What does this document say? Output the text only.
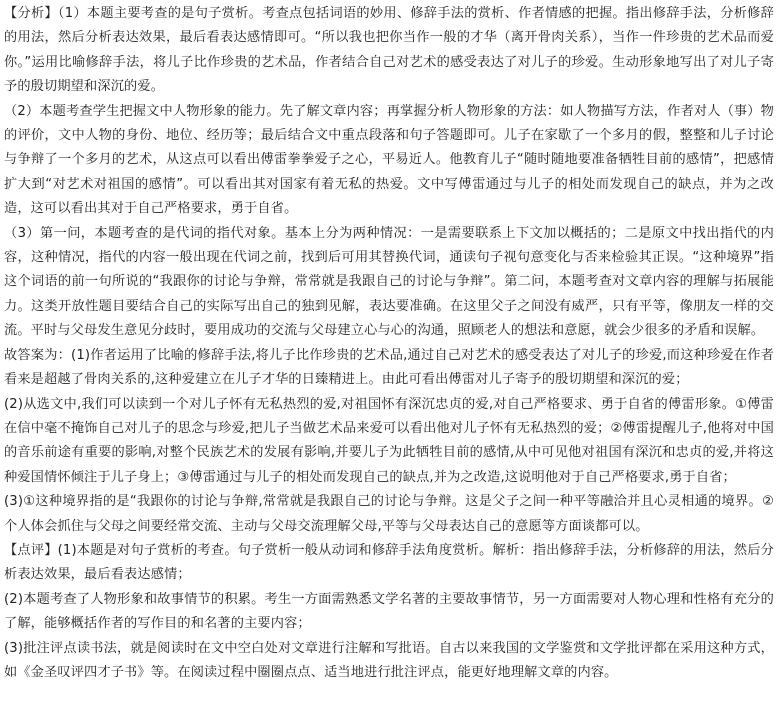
【分析】（1）本题主要考查的是句子赏析。考查点包括词语的妙用、修辞手法的赏析、作者情感的把握。指出修辞手法，分析修辞的用法，然后分析表达效果，最后看表达感情即可。“所以我也把你当作一般的才华（离开骨肉关系），当作一件珍贵的艺术品而爱你。”运用比喻修辞手法，将儿子比作珍贵的艺术品，作者结合自己对艺术的感受表达了对儿子的珍爱。生动形象地写出了对儿子寄予的殷切期望和深沉的爱。

（2）本题考查学生把握文中人物形象的能力。先了解文章内容；再掌握分析人物形象的方法：如人物描写方法，作者对人（事）物的评价，文中人物的身份、地位、经历等；最后结合文中重点段落和句子答题即可。儿子在家歇了一个多月的假，整整和儿子讨论与争辩了一个多月的艺术，从这点可以看出傅雷拳拳爱子之心，平易近人。他教育儿子“随时随地要准备牺牲目前的感情”，把感情扩大到“对艺术对祖国的感情”。可以看出其对国家有着无私的热爱。文中写傅雷通过与儿子的相处而发现自己的缺点，并为之改造，这可以看出其对于自己严格要求，勇于自省。

（3）第一问，本题考查的是代词的指代对象。基本上分为两种情况：一是需要联系上下文加以概括的；二是原文中找出指代的内容，这种情况，指代的内容一般出现在代词之前，找到后可用其替换代词，通读句子视句意变化与否来检验其正误。“这种境界”指这个词语的前一句所说的“我跟你的讨论与争辩，常常就是我跟自己的讨论与争辩”。第二问，本题考查对文章内容的理解与拓展能力。这类开放性题目要结合自己的实际写出自己的独到见解，表达要准确。在这里父子之间没有威严，只有平等，像朋友一样的交流。平时与父母发生意见分歧时，要用成功的交流与父母建立心与心的沟通，照顾老人的想法和意愿，就会少很多的矛盾和误解。

故答案为：(1)作者运用了比喻的修辞手法,将儿子比作珍贵的艺术品,通过自己对艺术的感受表达了对儿子的珍爱,而这种珍爱在作者看来是超越了骨肉关系的,这种爱建立在儿子才华的日臻精进上。由此可看出傅雷对儿子寄予的殷切期望和深沉的爱；

(2)从选文中,我们可以读到一个对儿子怀有无私热烈的爱,对祖国怀有深沉忠贞的爱,对自己严格要求、勇于自省的傅雷形象。①傅雷在信中毫不掩饰自己对儿子的思念与珍爱,把儿子当做艺术品来爱可以看出他对儿子怀有无私热烈的爱；②傅雷提醒儿子,他将对中国的音乐前途有重要的影响,对整个民族艺术的发展有影响,并要儿子为此牺牲目前的感情,从中可见他对祖国有深沉和忠贞的爱,并将这种爱国情怀倾注于儿子身上；③傅雷通过与儿子的相处而发现自己的缺点,并为之改造,这说明他对于自己严格要求,勇于自省；

(3)①这种境界指的是“我跟你的讨论与争辩,常常就是我跟自己的讨论与争辩。这是父子之间一种平等融洽并且心灵相通的境界。②个人体会抓住与父母之间要经常交流、主动与父母交流理解父母,平等与父母表达自己的意愿等方面谈都可以。

【点评】(1)本题是对句子赏析的考查。句子赏析一般从动词和修辞手法角度赏析。解析：指出修辞手法，分析修辞的用法，然后分析表达效果，最后看表达感情；

(2)本题考查了人物形象和故事情节的积累。考生一方面需熟悉文学名著的主要故事情节，另一方面需要对人物心理和性格有充分的了解，能够概括作者的写作目的和名著的主要内容；

(3)批注评点读书法，就是阅读时在文中空白处对文章进行注解和写批语。自古以来我国的文学鉴赏和文学批评都在采用这种方式，如《金圣叹评四才子书》等。在阅读过程中圈圈点点、适当地进行批注评点，能更好地理解文章的内容。
